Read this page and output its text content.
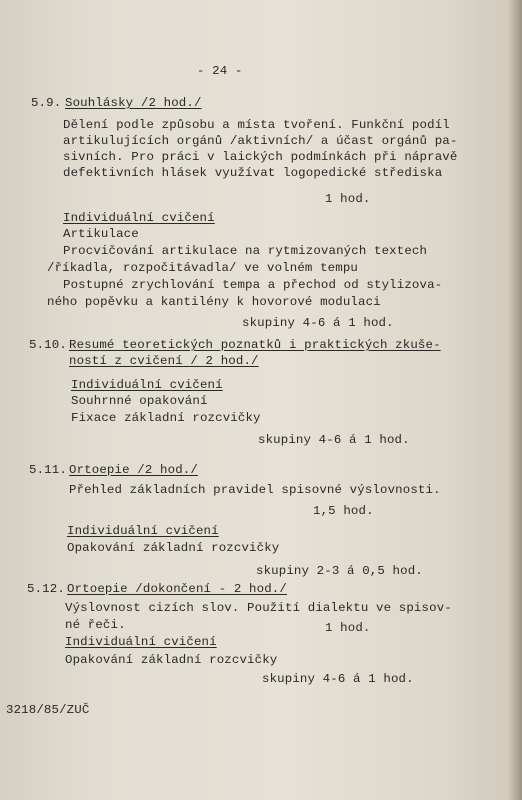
- 24 -
5.9. Souhlásky /2 hod./
Dělení podle způsobu a místa tvoření. Funkční podíl
artikulujících orgánů /aktivních/ a účast orgánů pa-
sivních. Pro práci v laických podmínkách při nápravě
defektivních hlásek využívat logopedické střediska
1 hod.
Individuální cvičení
Artikulace
Procvičování artikulace na rytmizovaných textech
/říkadla, rozpočitávadla/ ve volném tempu
Postupné zrychlování tempa a přechod od stylizova-
ného popěvku a kantilény k hovorové modulaci
skupiny 4-6 á 1 hod.
5.10. Resumé teoretických poznatků i praktických zkuše-
ností z cvičení / 2 hod./
Individuální cvičení
Souhrnné opakování
Fixace základní rozcvičky
skupiny 4-6 á 1 hod.
5.11. Ortoepie /2 hod./
Přehled základních pravidel spisovné výslovnosti.
1,5 hod.
Individuální cvičení
Opakování základní rozcvičky
skupiny 2-3 á 0,5 hod.
5.12. Ortoepie /dokončení - 2 hod./
Výslovnost cizích slov. Použití dialektu ve spisov-
né řeči.	1 hod.
Individuální cvičení
Opakování základní rozcvičky
skupiny 4-6 á 1 hod.
3218/85/ZUČ
